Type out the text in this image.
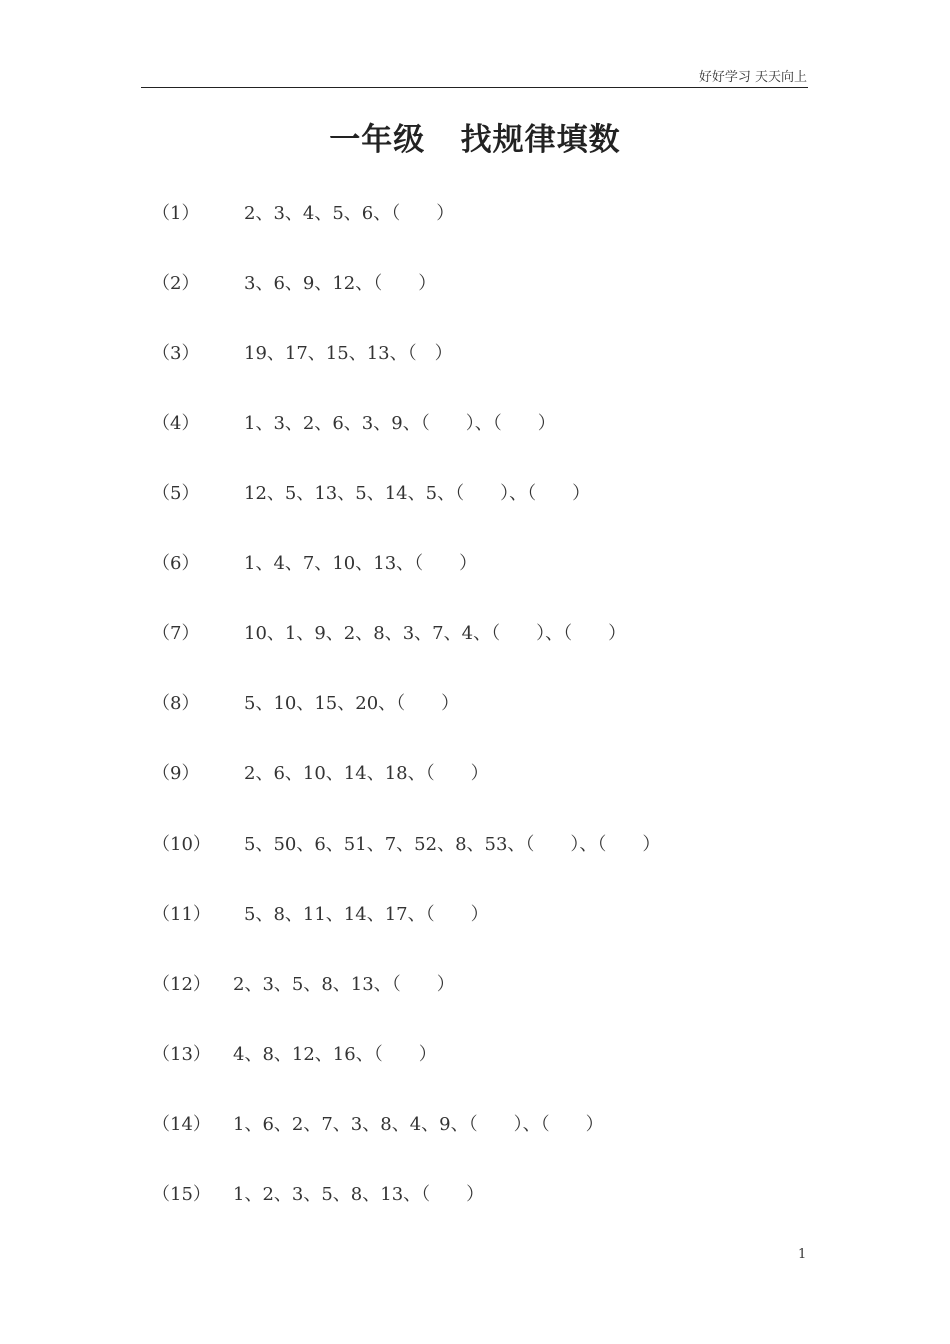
好好学习 天天向上
一年级   找规律填数

（1）

2、3、4、5、6、（　　）

（2）

3、6、9、12、（　　）

（3）

19、17、15、13、（　）

（4）

1、3、2、6、3、9、（　　）、（　　）

（5）

12、5、13、5、14、5、（　　）、（　　）

（6）

1、4、7、10、13、（　　）

（7）

10、1、9、2、8、3、7、4、（　　）、（　　）

（8）

5、10、15、20、（　　）

（9）

2、6、10、14、18、（　　）

（10）

5、50、6、51、7、52、8、53、（　　）、（　　）

（11）

5、8、11、14、17、（　　）

（12）

2、3、5、8、13、（　　）

（13）

4、8、12、16、（　　）

（14）

1、6、2、7、3、8、4、9、（　　）、（　　）

（15）

1、2、3、5、8、13、（　　）

1
